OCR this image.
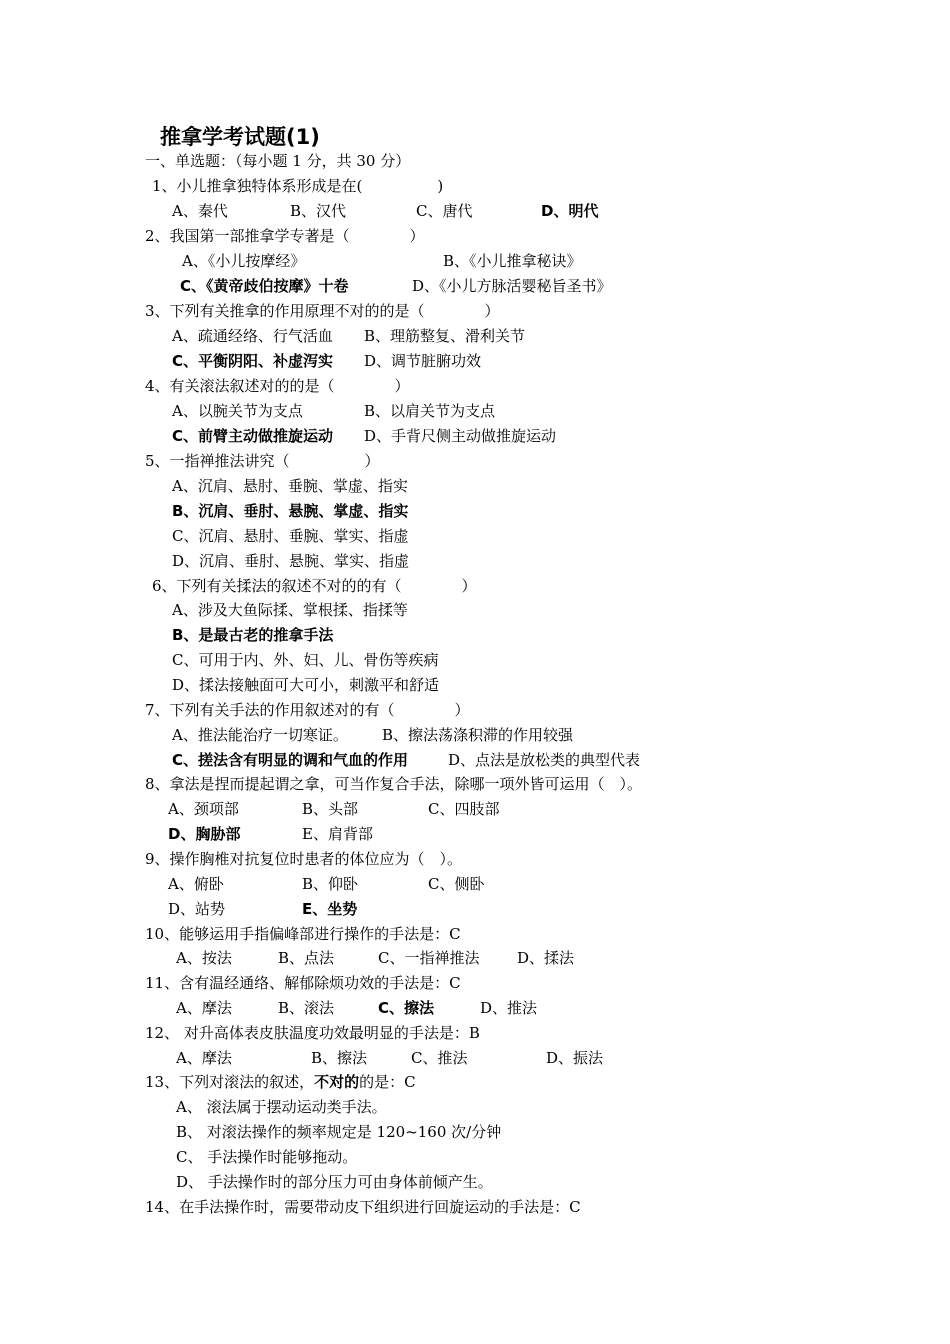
推拿学考试题(1)
一、单选题：（每小题 1 分，共 30 分）
1、小儿推拿独特体系形成是在(　　　　　)
A、秦代	B、汉代	C、唐代	D、明代
2、我国第一部推拿学专著是（　　　　）
A、《小儿按摩经》	B、《小儿推拿秘诀》
C、《黄帝歧伯按摩》十卷	D、《小儿方脉活婴秘旨圣书》
3、下列有关推拿的作用原理不对的的是（　　　　）
A、疏通经络、行气活血 B、理筋整复、滑利关节
C、平衡阴阳、补虚泻实 D、调节脏腑功效
4、有关滚法叙述对的的是（　　　　）
A、以腕关节为支点	B、以肩关节为支点
C、前臂主动做推旋运动 D、手背尺侧主动做推旋运动
5、一指禅推法讲究（　　　　　）
A、沉肩、悬肘、垂腕、掌虚、指实
B、沉肩、垂肘、悬腕、掌虚、指实
C、沉肩、悬肘、垂腕、掌实、指虚
D、沉肩、垂肘、悬腕、掌实、指虚
6、下列有关揉法的叙述不对的的有（　　　　）
A、涉及大鱼际揉、掌根揉、指揉等
B、是最古老的推拿手法
C、可用于内、外、妇、儿、骨伤等疾病
D、揉法接触面可大可小，刺激平和舒适
7、下列有关手法的作用叙述对的有（　　　　）
A、推法能治疗一切寒证。 B、擦法荡涤积滞的作用较强
C、搓法含有明显的调和气血的作用	D、点法是放松类的典型代表
8、拿法是捏而提起谓之拿，可当作复合手法，除哪一项外皆可运用（　）。
A、颈项部	B、头部	C、四肢部
D、胸胁部	E、肩背部
9、操作胸椎对抗复位时患者的体位应为（　）。
A、俯卧	B、仰卧	C、侧卧
D、站势	E、坐势
10、能够运用手指偏峰部进行操作的手法是：C
A、按法	B、点法	C、一指禅推法	D、揉法
11、含有温经通络、解郁除烦功效的手法是：C
A、摩法	B、滚法	C、擦法	D、推法
12、 对升高体表皮肤温度功效最明显的手法是：B
A、摩法	B、擦法	C、推法	D、振法
13、下列对滚法的叙述，不对的的是：C
A、 滚法属于摆动运动类手法。
B、 对滚法操作的频率规定是 120~160 次/分钟
C、 手法操作时能够拖动。
D、 手法操作时的部分压力可由身体前倾产生。
14、在手法操作时，需要带动皮下组织进行回旋运动的手法是：C
